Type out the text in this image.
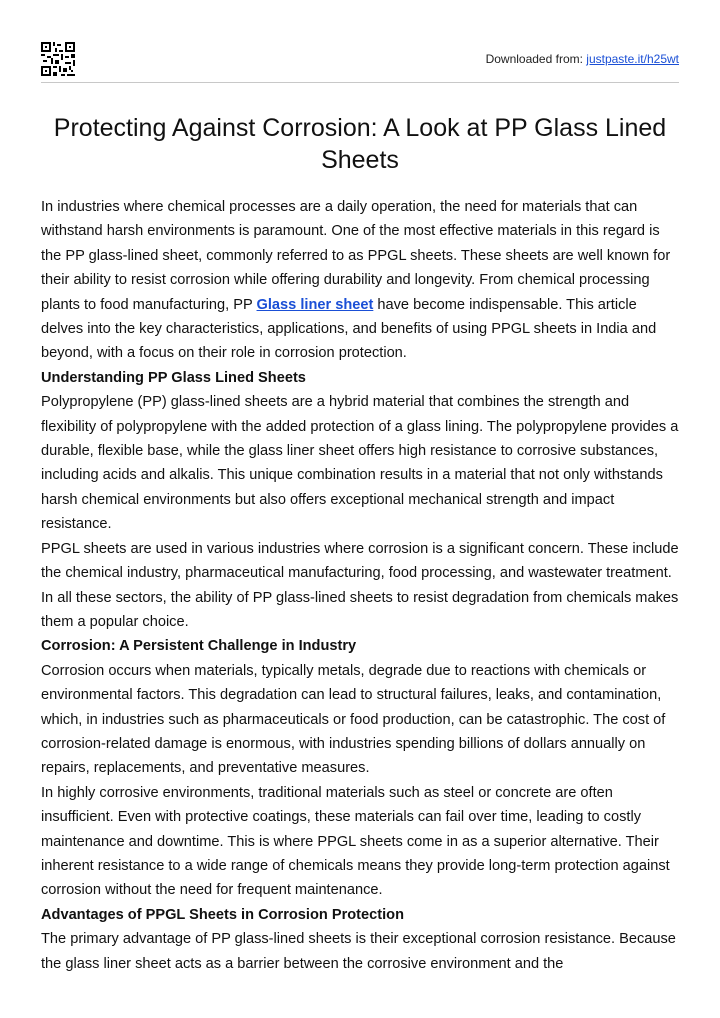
Downloaded from: justpaste.it/h25wt
Protecting Against Corrosion: A Look at PP Glass Lined Sheets

In industries where chemical processes are a daily operation, the need for materials that can withstand harsh environments is paramount. One of the most effective materials in this regard is the PP glass-lined sheet, commonly referred to as PPGL sheets. These sheets are well known for their ability to resist corrosion while offering durability and longevity. From chemical processing plants to food manufacturing, PP Glass liner sheet have become indispensable. This article delves into the key characteristics, applications, and benefits of using PPGL sheets in India and beyond, with a focus on their role in corrosion protection.

Understanding PP Glass Lined Sheets

Polypropylene (PP) glass-lined sheets are a hybrid material that combines the strength and flexibility of polypropylene with the added protection of a glass lining. The polypropylene provides a durable, flexible base, while the glass liner sheet offers high resistance to corrosive substances, including acids and alkalis. This unique combination results in a material that not only withstands harsh chemical environments but also offers exceptional mechanical strength and impact resistance.

PPGL sheets are used in various industries where corrosion is a significant concern. These include the chemical industry, pharmaceutical manufacturing, food processing, and wastewater treatment. In all these sectors, the ability of PP glass-lined sheets to resist degradation from chemicals makes them a popular choice.

Corrosion: A Persistent Challenge in Industry

Corrosion occurs when materials, typically metals, degrade due to reactions with chemicals or environmental factors. This degradation can lead to structural failures, leaks, and contamination, which, in industries such as pharmaceuticals or food production, can be catastrophic. The cost of corrosion-related damage is enormous, with industries spending billions of dollars annually on repairs, replacements, and preventative measures.

In highly corrosive environments, traditional materials such as steel or concrete are often insufficient. Even with protective coatings, these materials can fail over time, leading to costly maintenance and downtime. This is where PPGL sheets come in as a superior alternative. Their inherent resistance to a wide range of chemicals means they provide long-term protection against corrosion without the need for frequent maintenance.

Advantages of PPGL Sheets in Corrosion Protection

The primary advantage of PP glass-lined sheets is their exceptional corrosion resistance. Because the glass liner sheet acts as a barrier between the corrosive environment and the
